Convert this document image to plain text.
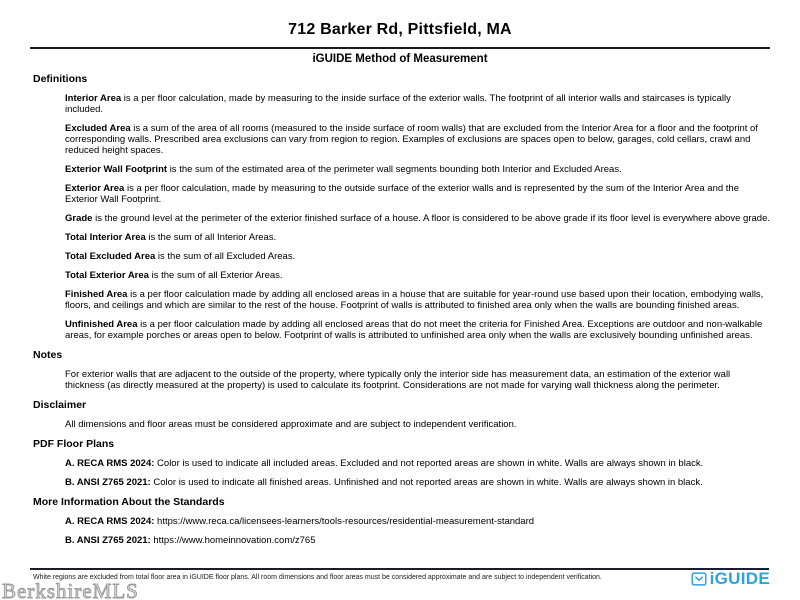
712 Barker Rd, Pittsfield, MA
iGUIDE Method of Measurement
Definitions

Interior Area is a per floor calculation, made by measuring to the inside surface of the exterior walls. The footprint of all interior walls and staircases is typically included.

Excluded Area is a sum of the area of all rooms (measured to the inside surface of room walls) that are excluded from the Interior Area for a floor and the footprint of corresponding walls. Prescribed area exclusions can vary from region to region. Examples of exclusions are spaces open to below, garages, cold cellars, crawl and reduced height spaces.

Exterior Wall Footprint is the sum of the estimated area of the perimeter wall segments bounding both Interior and Excluded Areas.

Exterior Area is a per floor calculation, made by measuring to the outside surface of the exterior walls and is represented by the sum of the Interior Area and the Exterior Wall Footprint.

Grade is the ground level at the perimeter of the exterior finished surface of a house. A floor is considered to be above grade if its floor level is everywhere above grade.

Total Interior Area is the sum of all Interior Areas.

Total Excluded Area is the sum of all Excluded Areas.

Total Exterior Area is the sum of all Exterior Areas.

Finished Area is a per floor calculation made by adding all enclosed areas in a house that are suitable for year-round use based upon their location, embodying walls, floors, and ceilings and which are similar to the rest of the house. Footprint of walls is attributed to finished area only when the walls are bounding finished areas.

Unfinished Area is a per floor calculation made by adding all enclosed areas that do not meet the criteria for Finished Area. Exceptions are outdoor and non-walkable areas, for example porches or areas open to below. Footprint of walls is attributed to unfinished area only when the walls are exclusively bounding unfinished areas.

Notes

For exterior walls that are adjacent to the outside of the property, where typically only the interior side has measurement data, an estimation of the exterior wall thickness (as directly measured at the property) is used to calculate its footprint. Considerations are not made for varying wall thickness along the perimeter.

Disclaimer

All dimensions and floor areas must be considered approximate and are subject to independent verification.

PDF Floor Plans

A. RECA RMS 2024: Color is used to indicate all included areas. Excluded and not reported areas are shown in white. Walls are always shown in black.

B. ANSI Z765 2021: Color is used to indicate all finished areas. Unfinished and not reported areas are shown in white. Walls are always shown in black.

More Information About the Standards

A. RECA RMS 2024: https://www.reca.ca/licensees-learners/tools-resources/residential-measurement-standard

B. ANSI Z765 2021: https://www.homeinnovation.com/z765

White regions are excluded from total floor area in iGUIDE floor plans. All room dimensions and floor areas must be considered approximate and are subject to independent verification.	iGUIDE
BerkshireMLS
